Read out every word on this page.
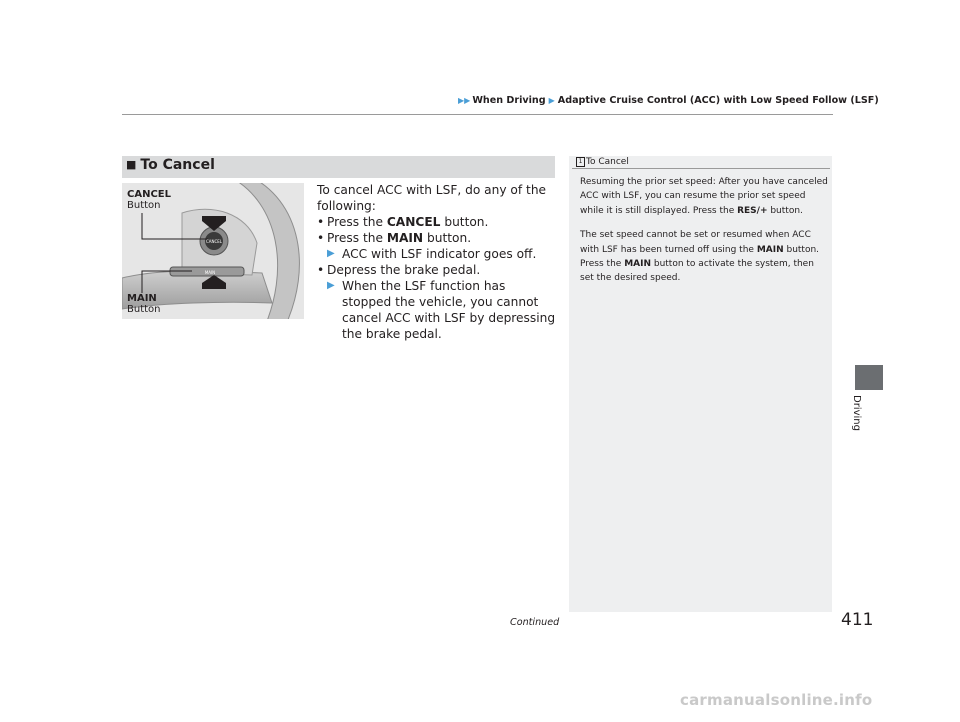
▶▶ When Driving ▶ Adaptive Cruise Control (ACC) with Low Speed Follow (LSF)
Driving
■ To Cancel
CANCEL
MAIN
CANCEL
Button
MAIN
Button

To cancel ACC with LSF, do any of the following:

• Press the CANCEL button.

• Press the MAIN button.

▶ ACC with LSF indicator goes off.

• Depress the brake pedal.

▶ When the LSF function has stopped the vehicle, you cannot cancel ACC with LSF by depressing the brake pedal.

1 To Cancel

Resuming the prior set speed: After you have canceled ACC with LSF, you can resume the prior set speed while it is still displayed. Press the RES/+ button.

The set speed cannot be set or resumed when ACC with LSF has been turned off using the MAIN button. Press the MAIN button to activate the system, then set the desired speed.

Continued	411
carmanualsonline.info
